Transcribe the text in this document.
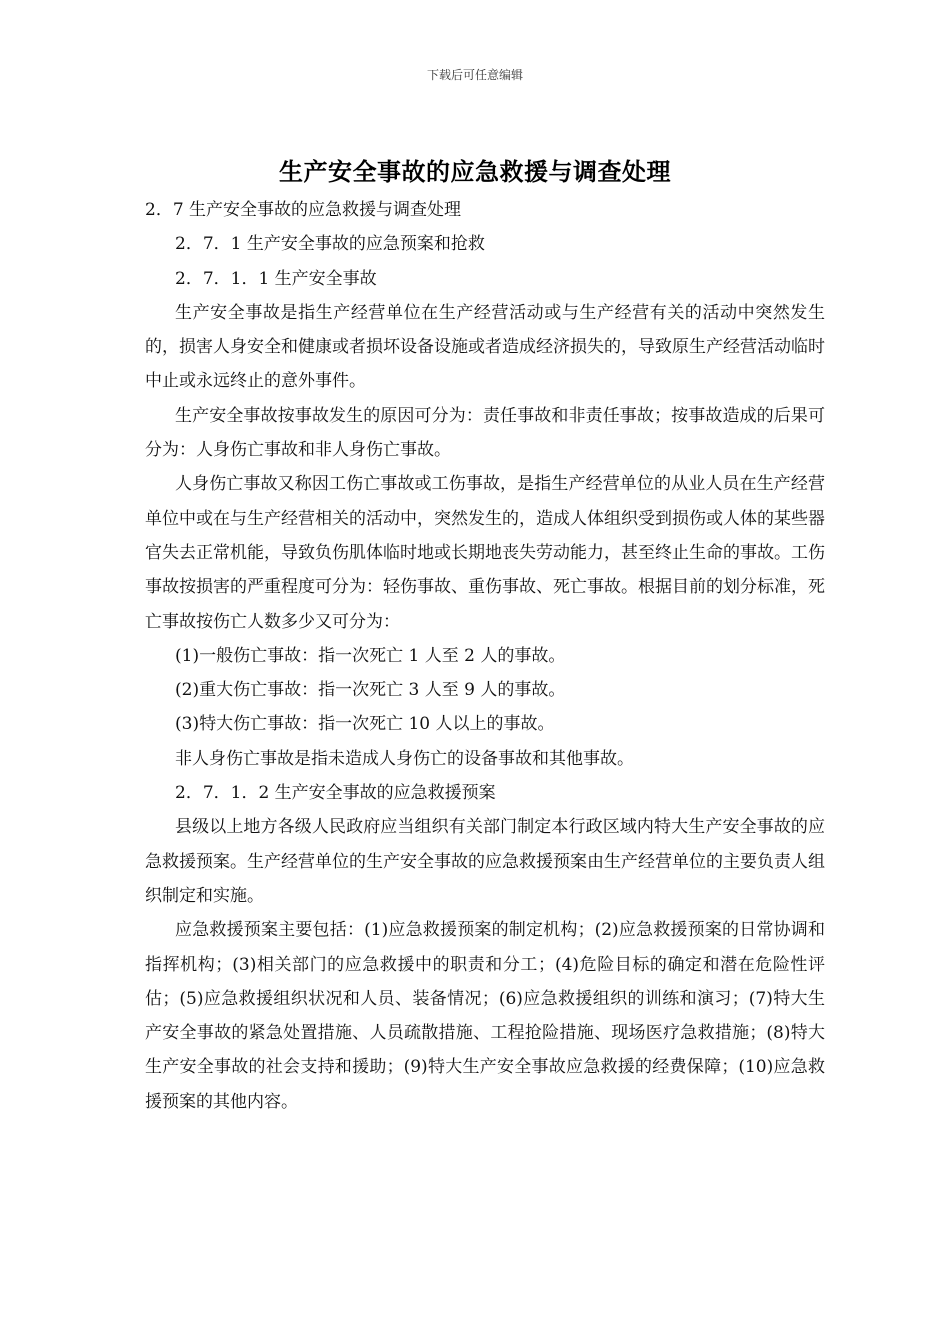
下载后可任意编辑
生产安全事故的应急救援与调查处理

2．7 生产安全事故的应急救援与调查处理

2．7．1 生产安全事故的应急预案和抢救

2．7．1．1 生产安全事故

生产安全事故是指生产经营单位在生产经营活动或与生产经营有关的活动中突然发生的，损害人身安全和健康或者损坏设备设施或者造成经济损失的，导致原生产经营活动临时中止或永远终止的意外事件。

生产安全事故按事故发生的原因可分为：责任事故和非责任事故；按事故造成的后果可分为：人身伤亡事故和非人身伤亡事故。

人身伤亡事故又称因工伤亡事故或工伤事故，是指生产经营单位的从业人员在生产经营单位中或在与生产经营相关的活动中，突然发生的，造成人体组织受到损伤或人体的某些器官失去正常机能，导致负伤肌体临时地或长期地丧失劳动能力，甚至终止生命的事故。工伤事故按损害的严重程度可分为：轻伤事故、重伤事故、死亡事故。根据目前的划分标准，死亡事故按伤亡人数多少又可分为：

(1)一般伤亡事故：指一次死亡 1 人至 2 人的事故。

(2)重大伤亡事故：指一次死亡 3 人至 9 人的事故。

(3)特大伤亡事故：指一次死亡 10 人以上的事故。

非人身伤亡事故是指未造成人身伤亡的设备事故和其他事故。

2．7．1．2 生产安全事故的应急救援预案

县级以上地方各级人民政府应当组织有关部门制定本行政区域内特大生产安全事故的应急救援预案。生产经营单位的生产安全事故的应急救援预案由生产经营单位的主要负责人组织制定和实施。

应急救援预案主要包括：(1)应急救援预案的制定机构；(2)应急救援预案的日常协调和指挥机构；(3)相关部门的应急救援中的职责和分工；(4)危险目标的确定和潜在危险性评估；(5)应急救援组织状况和人员、装备情况；(6)应急救援组织的训练和演习；(7)特大生产安全事故的紧急处置措施、人员疏散措施、工程抢险措施、现场医疗急救措施；(8)特大生产安全事故的社会支持和援助；(9)特大生产安全事故应急救援的经费保障；(10)应急救援预案的其他内容。
